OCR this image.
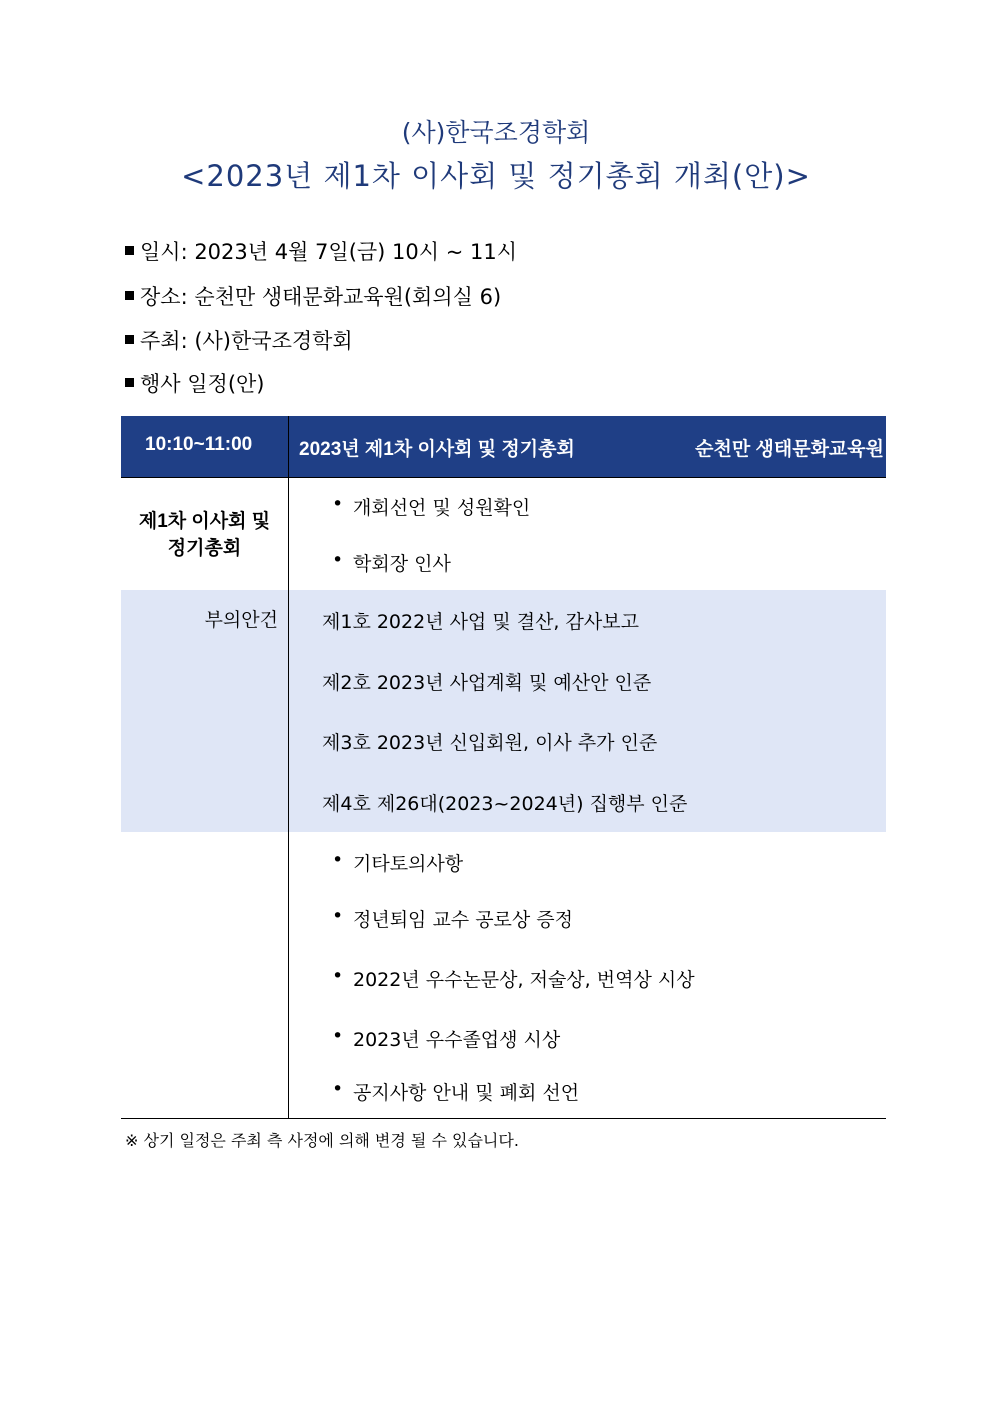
(사)한국조경학회
<2023년 제1차 이사회 및 정기총회 개최(안)>
일시: 2023년 4월 7일(금) 10시 ~ 11시
장소: 순천만 생태문화교육원(회의실 6)
주최: (사)한국조경학회
행사 일정(안)
10:10~11:00 2023년 제1차 이사회 및 정기총회	순천만 생태문화교육원
제1차 이사회 및
정기총회
부의안건
• 개회선언 및 성원확인
• 학회장 인사
제1호 2022년 사업 및 결산, 감사보고
제2호 2023년 사업계획 및 예산안 인준
제3호 2023년 신입회원, 이사 추가 인준
제4호 제26대(2023~2024년) 집행부 인준
• 기타토의사항
• 정년퇴임 교수 공로상 증정
• 2022년 우수논문상, 저술상, 번역상 시상
• 2023년 우수졸업생 시상
• 공지사항 안내 및 폐회 선언
※ 상기 일정은 주최 측 사정에 의해 변경 될 수 있습니다.
